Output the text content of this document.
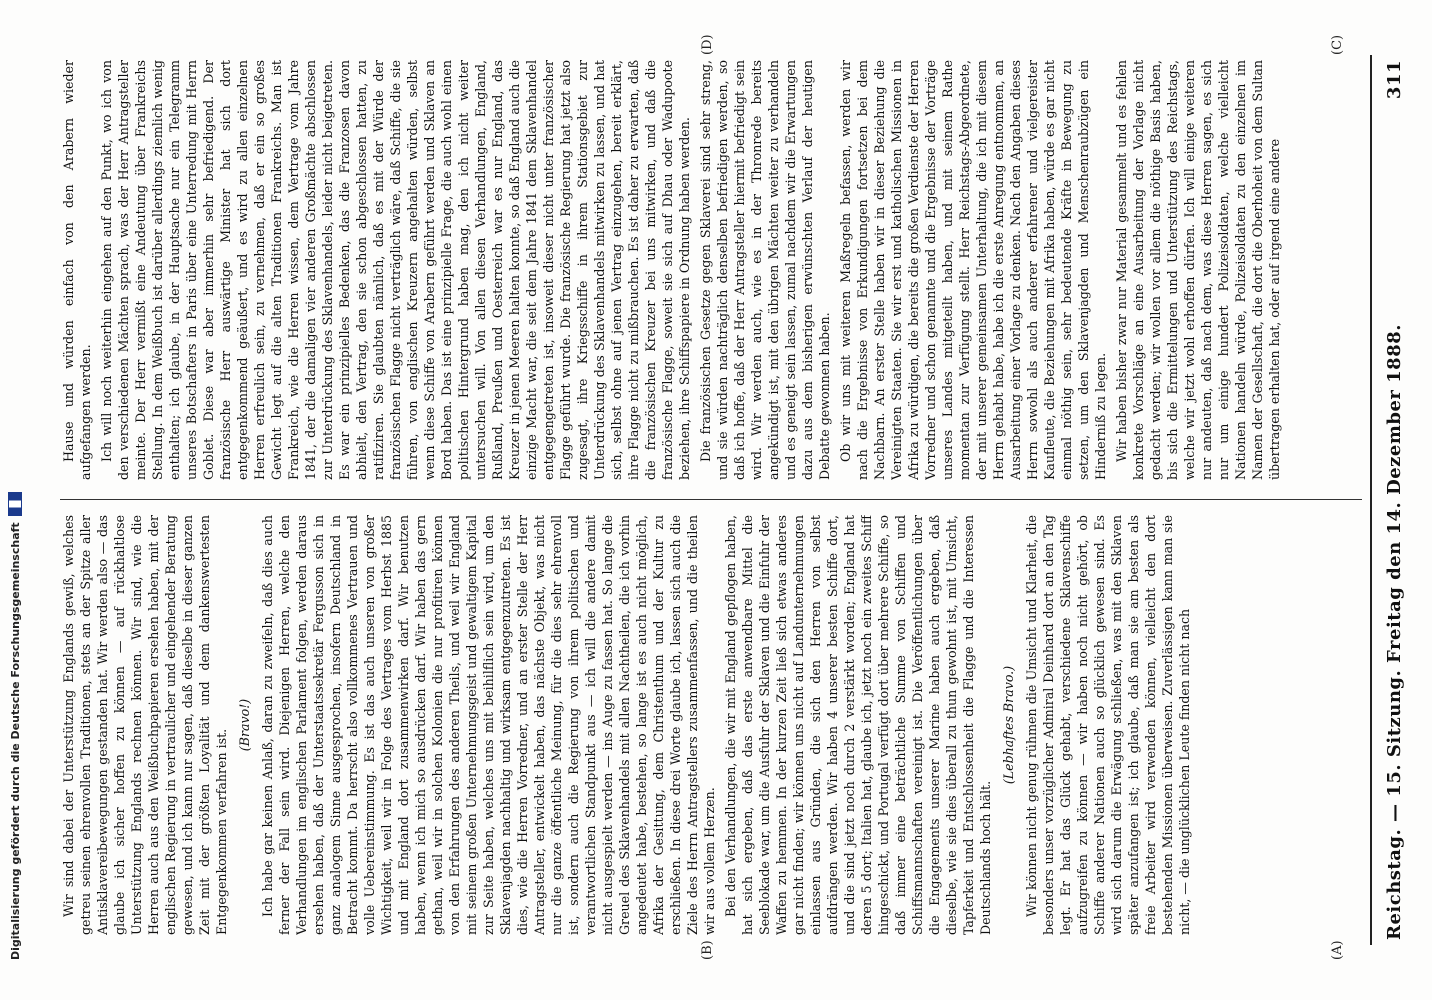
Digitalisierung gefördert durch die Deutsche Forschungsgemeinschaft	Reichstag. — 15. Sitzung. Freitag den 14. Dezember 1888.
311
(A)
(B)
(C)
(D)

Wir sind dabei der Unterstützung Englands gewiß, welches getreu seinen ehrenvollen Traditionen, stets an der Spitze aller Antisklavereibewegungen gestanden hat. Wir werden also — das glaube ich sicher hoffen zu können — auf rückhaltlose Unterstützung Englands rechnen können. Wir sind, wie die Herren auch aus den Weißbuchpapieren ersehen haben, mit der englischen Regierung in vertraulicher und eingehender Beratung gewesen, und ich kann nur sagen, daß dieselbe in dieser ganzen Zeit mit der größten Loyalität und dem dankenswertesten Entgegenkommen verfahren ist.

(Bravo!) Ich habe gar keinen Anlaß, daran zu zweifeln, daß dies auch ferner der Fall sein wird. Diejenigen Herren, welche den Verhandlungen im englischen Parlament folgen, werden daraus ersehen haben, daß der Unterstaatssekretär Fergusson sich in ganz analogem Sinne ausgesprochen, insofern Deutschland in Betracht kommt. Da herrscht also vollkommenes Vertrauen und volle Uebereinstimmung. Es ist das auch unseren von großer Wichtigkeit, weil wir in Folge des Vertrages vom Herbst 1885 und mit England dort zusammenwirken darf. Wir benutzen haben, wenn ich mich so ausdrücken darf. Wir haben das gern gethan, weil wir in solchen Kolonien die nur profitiren können von den Erfahrungen des anderen Theils, und weil wir England mit seinem großen Unternehmungsgeist und gewaltigem Kapital zur Seite haben, welches uns mit beihilflich sein wird, um den Sklavenjagden nachhaltig und wirksam entgegenzutreten. Es ist dies, wie die Herren Vorredner, und an erster Stelle der Herr Antragsteller, entwickelt haben, das nächste Objekt, was nicht nur die ganze öffentliche Meinung, für die dies sehr ehrenvoll ist, sondern auch die Regierung von ihrem politischen und verantwortlichen Standpunkt aus — ich will die andere damit nicht ausgespielt werden — ins Auge zu fassen hat. So lange die Greuel des Sklavenhandels mit allen Nachtheilen, die ich vorhin angedeutet habe, bestehen, so lange ist es auch nicht möglich, Afrika der Gesittung, dem Christenthum und der Kultur zu erschließen. In diese drei Worte glaube ich, lassen sich auch die Ziele des Herrn Antragstellers zusammenfassen, und die theilen wir aus vollem Herzen. Bei den Verhandlungen, die wir mit England gepflogen haben, hat sich ergeben, daß das erste anwendbare Mittel die Seeblokade war, um die Ausfuhr der Sklaven und die Einfuhr der Waffen zu hemmen. In der kurzen Zeit ließ sich etwas anderes gar nicht finden; wir können uns nicht auf Landunternehmungen einlassen aus Gründen, die sich den Herren von selbst aufdrängen werden. Wir haben 4 unserer besten Schiffe dort, und die sind jetzt noch durch 2 verstärkt worden; England hat deren 5 dort; Italien hat, glaube ich, jetzt noch ein zweites Schiff hingeschickt, und Portugal verfügt dort über mehrere Schiffe, so daß immer eine beträchtliche Summe von Schiffen und Schiffsmannschaften vereinigt ist. Die Veröffentlichungen über die Engagements unserer Marine haben auch ergeben, daß dieselbe, wie sie dies überall zu thun gewohnt ist, mit Umsicht, Tapferkeit und Entschlossenheit die Flagge und die Interessen Deutschlands hoch hält.

(Lebhaftes Bravo.) Wir können nicht genug rühmen die Umsicht und Klarheit, die besonders unser vorzüglicher Admiral Deinhard dort an den Tag legt. Er hat das Glück gehabt, verschiedene Sklavenschiffe aufzugreifen zu können — wir haben noch nicht gehört, ob Schiffe anderer Nationen auch so glücklich gewesen sind. Es wird sich darum die Erwägung schließen, was mit den Sklaven später anzufangen ist; ich glaube, daß man sie am besten als freie Arbeiter wird verwenden können, vielleicht den dort bestehenden Missionen überweisen. Zuverlässigen kann man sie nicht, — die unglücklichen Leute finden nicht nach

Hause und würden einfach von den Arabern wieder aufgefangen werden. Ich will noch weiterhin eingehen auf den Punkt, wo ich von den verschiedenen Mächten sprach, was der Herr Antragsteller meinte. Der Herr vermißt eine Andeutung über Frankreichs Stellung. In dem Weißbuch ist darüber allerdings ziemlich wenig enthalten; ich glaube, in der Hauptsache nur ein Telegramm unseres Botschafters in Paris über eine Unterredung mit Herrn Goblet. Diese war aber immerhin sehr befriedigend. Der französische Herr auswärtige Minister hat sich dort entgegenkommend geäußert, und es wird zu allen einzelnen Herren erfreulich sein, zu vernehmen, daß er ein so großes Gewicht legt auf die alten Traditionen Frankreichs. Man ist Frankreich, wie die Herren wissen, dem Vertrage vom Jahre 1841, der die damaligen vier anderen Großmächte abschlossen zur Unterdrückung des Sklavenhandels, leider nicht beigetreten. Es war ein prinzipielles Bedenken, das die Franzosen davon abhielt, den Vertrag, den sie schon abgeschlossen hatten, zu ratifiziren. Sie glaubten nämlich, daß es mit der Würde der französischen Flagge nicht verträglich wäre, daß Schiffe, die sie führen, von englischen Kreuzern angehalten würden, selbst wenn diese Schiffe von Arabern geführt werden und Sklaven an Bord haben. Das ist eine prinzipielle Frage, die auch wohl einen politischen Hintergrund haben mag, den ich nicht weiter untersuchen will. Von allen diesen Verhandlungen, England, Rußland, Preußen und Oesterreich war es nur England, das Kreuzer in jenen Meeren halten konnte, so daß England auch die einzige Macht war, die seit dem Jahre 1841 dem Sklavenhandel entgegengetreten ist, insoweit dieser nicht unter französischer Flagge geführt wurde. Die französische Regierung hat jetzt also zugesagt, ihre Kriegsschiffe in ihrem Stationsgebiet zur Unterdrückung des Sklavenhandels mitwirken zu lassen, und hat sich, selbst ohne auf jenen Vertrag einzugehen, bereit erklärt, ihre Flagge nicht zu mißbrauchen. Es ist daher zu erwarten, daß die französischen Kreuzer bei uns mitwirken, und daß die französische Flagge, soweit sie sich auf Dhau oder Wadupoote beziehen, ihre Schiffspapiere in Ordnung haben werden. Die französischen Gesetze gegen Sklaverei sind sehr streng, und sie würden nachträglich denselben befriedigen werden, so daß ich hoffe, daß der Herr Antragsteller hiermit befriedigt sein wird. Wir werden auch, wie es in der Thronrede bereits angekündigt ist, mit den übrigen Mächten weiter zu verhandeln und es geneigt sein lassen, zumal nachdem wir die Erwartungen dazu aus dem bisherigen erwünschten Verlauf der heutigen Debatte gewonnen haben. Ob wir uns mit weiteren Maßregeln befassen, werden wir nach die Ergebnisse von Erkundigungen fortsetzen bei dem Nachbarn. An erster Stelle haben wir in dieser Beziehung die Vereinigten Staaten. Sie wir erst und katholischen Missionen in Afrika zu würdigen, die bereits die großen Verdienste der Herren Vorredner und schon genannte und die Ergebnisse der Vorträge unseres Landes mitgeteilt haben, und mit seinem Rathe momentan zur Verfügung stellt. Herr Reichstags-Abgeordnete, der mit unserer gemeinsamen Unterhaltung, die ich mit diesem Herrn gehabt habe, habe ich die erste Anregung entnommen, an Ausarbeitung einer Vorlage zu denken. Nach den Angaben dieses Herrn sowohl als auch anderer erfahrener und vielgereister Kaufleute, die Beziehungen mit Afrika haben, würde es gar nicht einmal nöthig sein, sehr bedeutende Kräfte in Bewegung zu setzen, um den Sklavenjagden und Menschenraubzügen ein Hinderniß zu legen. Wir haben bisher zwar nur Material gesammelt und es fehlen konkrete Vorschläge an eine Ausarbeitung der Vorlage nicht gedacht werden; wir wollen vor allem die nöthige Basis haben, bis sich die Ermittelungen und Unterstützung des Reichstags, welche wir jetzt wohl erhoffen dürfen. Ich will einige weiteren nur andeuten, daß nach dem, was diese Herren sagen, es sich nur um einige hundert Polizeisoldaten, welche vielleicht Nationen handeln würde, Polizeisoldaten zu den einzelnen im Namen der Gesellschaft, die dort die Oberhoheit von dem Sultan übertragen erhalten hat, oder auf irgend eine andere
